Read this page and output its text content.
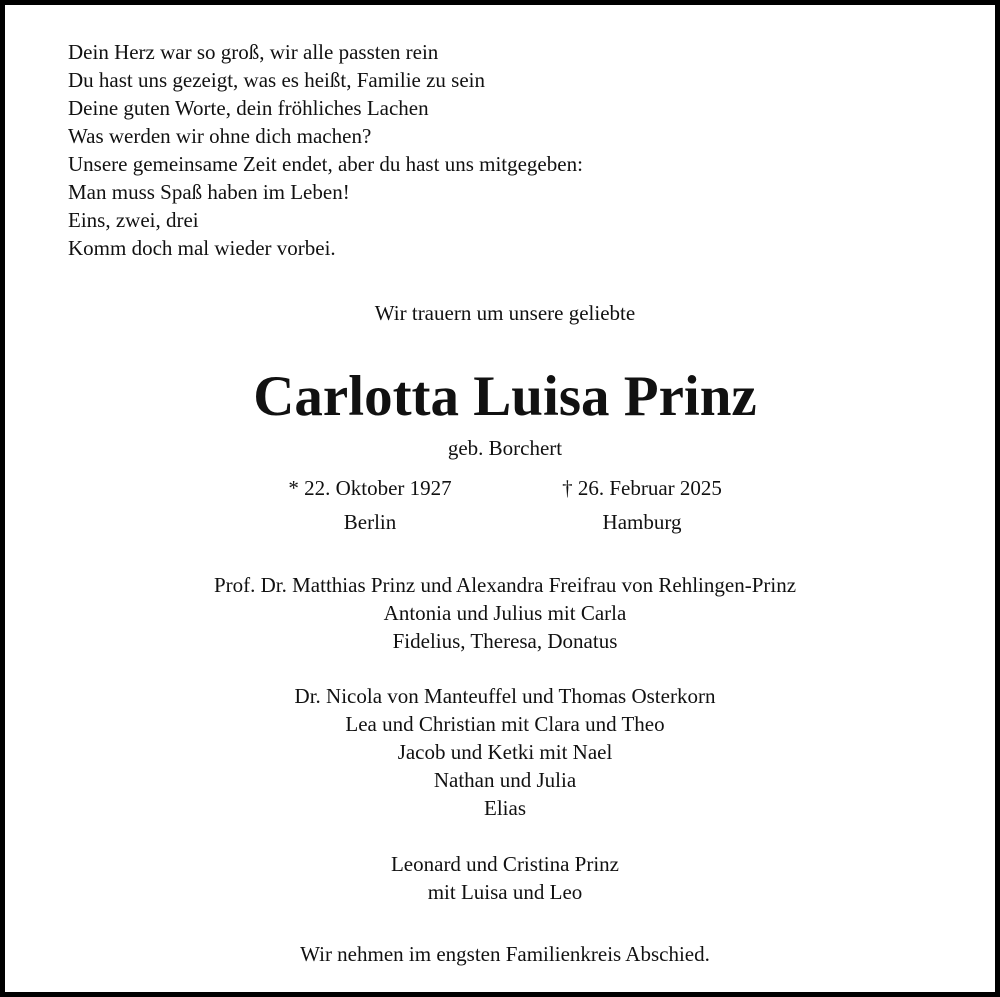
Dein Herz war so groß, wir alle passten rein
Du hast uns gezeigt, was es heißt, Familie zu sein
Deine guten Worte, dein fröhliches Lachen
Was werden wir ohne dich machen?
Unsere gemeinsame Zeit endet, aber du hast uns mitgegeben:
Man muss Spaß haben im Leben!
Eins, zwei, drei
Komm doch mal wieder vorbei.
Wir trauern um unsere geliebte
Carlotta Luisa Prinz
geb. Borchert
* 22. Oktober 1927
Berlin
† 26. Februar 2025
Hamburg
Prof. Dr. Matthias Prinz und Alexandra Freifrau von Rehlingen-Prinz
Antonia und Julius mit Carla
Fidelius, Theresa, Donatus
Dr. Nicola von Manteuffel und Thomas Osterkorn
Lea und Christian mit Clara und Theo
Jacob und Ketki mit Nael
Nathan und Julia
Elias
Leonard und Cristina Prinz
mit Luisa und Leo
Wir nehmen im engsten Familienkreis Abschied.
